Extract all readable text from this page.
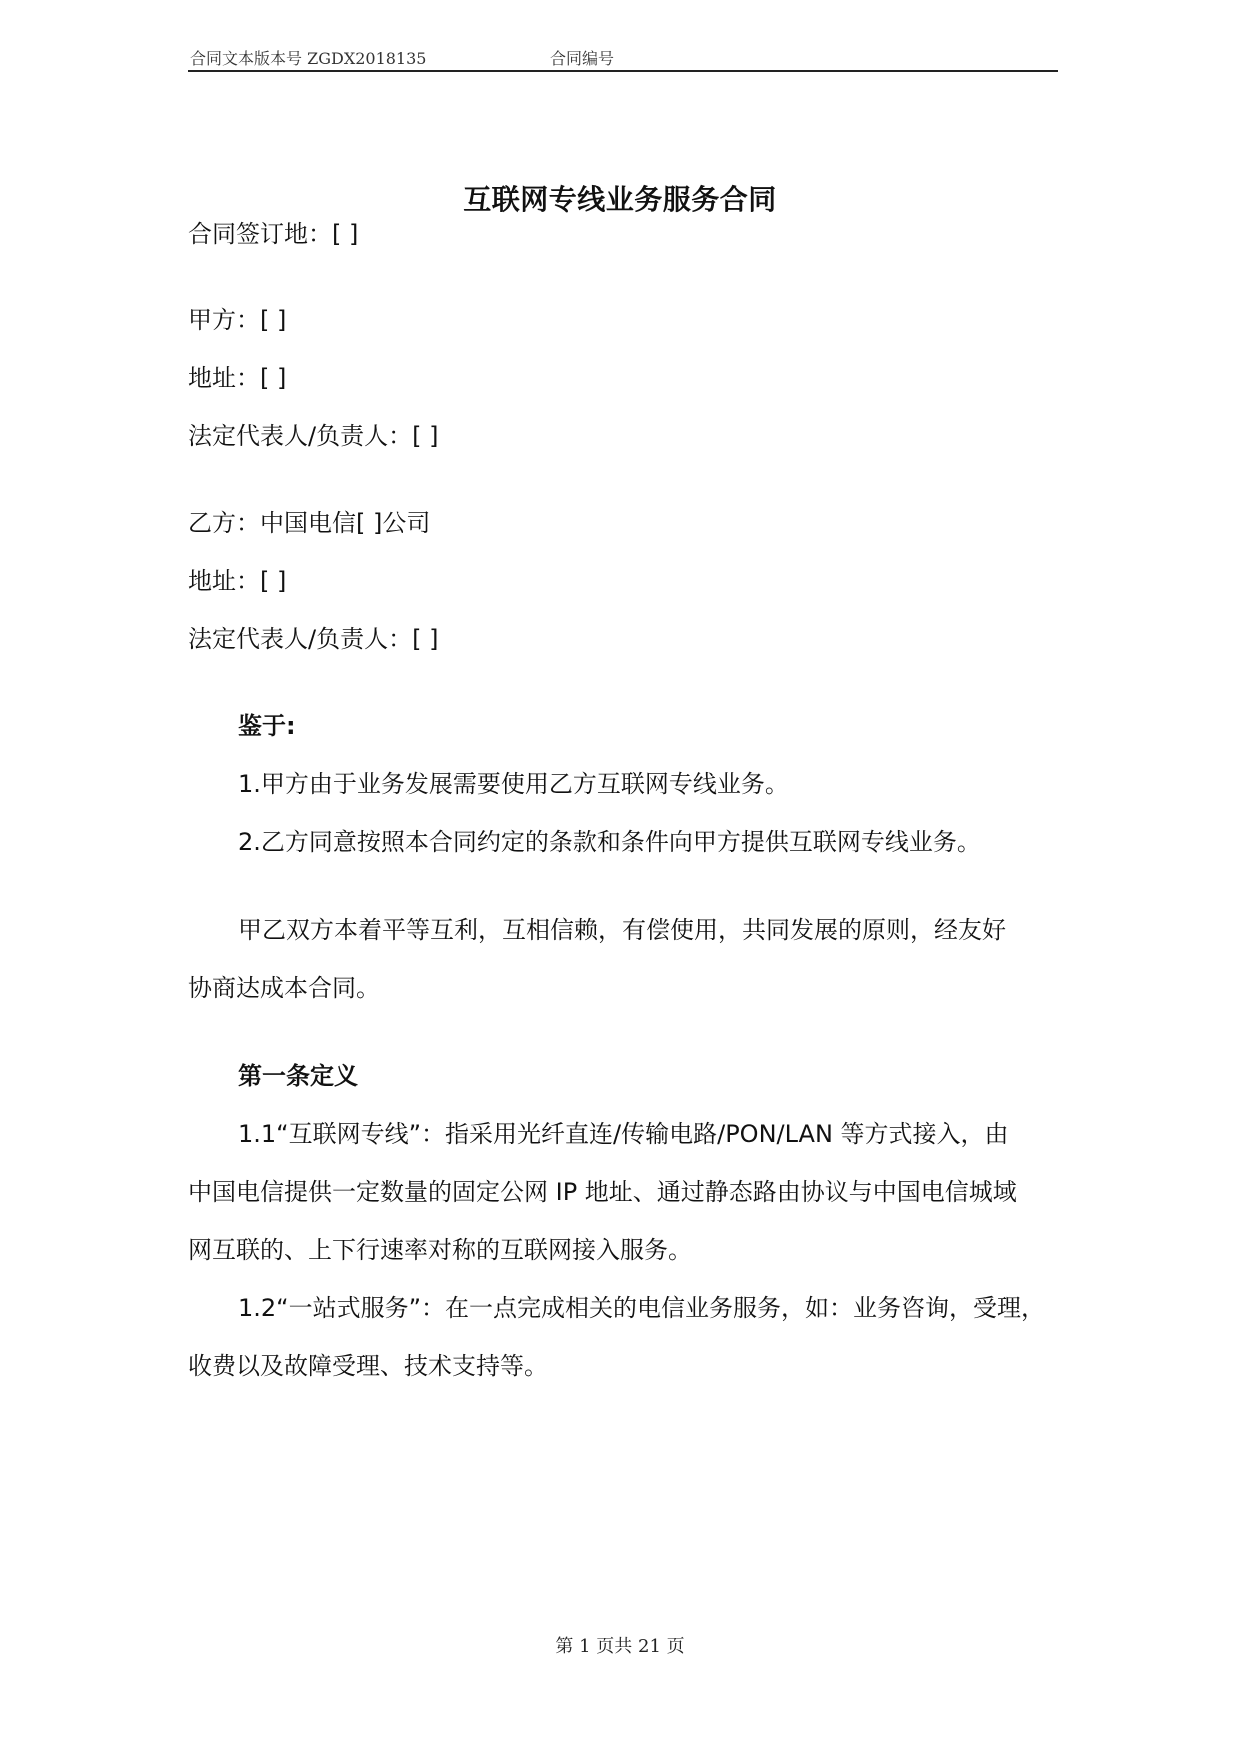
合同文本版本号 ZGDX2018135	合同编号
互联网专线业务服务合同
合同签订地：[ ]
甲方：[ ]
地址：[ ]
法定代表人/负责人：[ ]
乙方：中国电信[ ]公司
地址：[ ]
法定代表人/负责人：[ ]
鉴于:
1.甲方由于业务发展需要使用乙方互联网专线业务。
2.乙方同意按照本合同约定的条款和条件向甲方提供互联网专线业务。
甲乙双方本着平等互利，互相信赖，有偿使用，共同发展的原则，经友好
协商达成本合同。
第一条定义
1.1“互联网专线”：指采用光纤直连/传输电路/PON/LAN 等方式接入，由
中国电信提供一定数量的固定公网 IP 地址、通过静态路由协议与中国电信城域
网互联的、上下行速率对称的互联网接入服务。
1.2“一站式服务”：在一点完成相关的电信业务服务，如：业务咨询，受理，
收费以及故障受理、技术支持等。
第 1 页共 21 页
